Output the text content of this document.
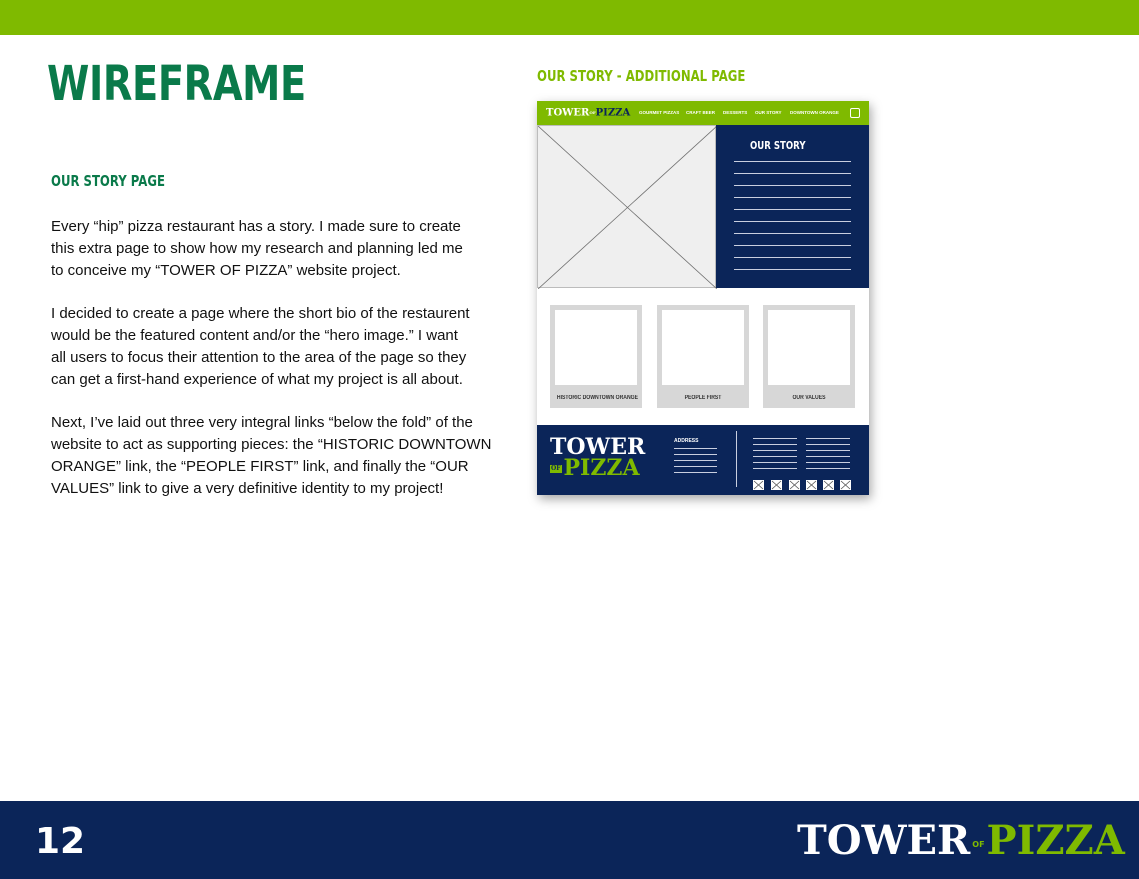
WIREFRAME
OUR STORY PAGE

Every “hip” pizza restaurant has a story. I made sure to create
this extra page to show how my research and planning led me
to conceive my “TOWER OF PIZZA” website project.

I decided to create a page where the short bio of the restaurent
would be the featured content and/or the “hero image.” I want
all users to focus their attention to the area of the page so they
can get a first-hand experience of what my project is all about.

Next, I’ve laid out three very integral links “below the fold” of the
website to act as supporting pieces: the “HISTORIC DOWNTOWN
ORANGE” link, the “PEOPLE FIRST” link, and finally the “OUR
VALUES” link to give a very definitive identity to my project!

OUR STORY - ADDITIONAL PAGE
TOWEROFPIZZA GOURMET PIZZAS CRAFT BEER DESSERTS OUR STORY DOWNTOWN ORANGE
OUR STORY
HISTORIC DOWNTOWN ORANGE	PEOPLE FIRST	OUR VALUES
TOWER
OF PIZZA
ADDRESS
12	TOWER OFPIZZA
